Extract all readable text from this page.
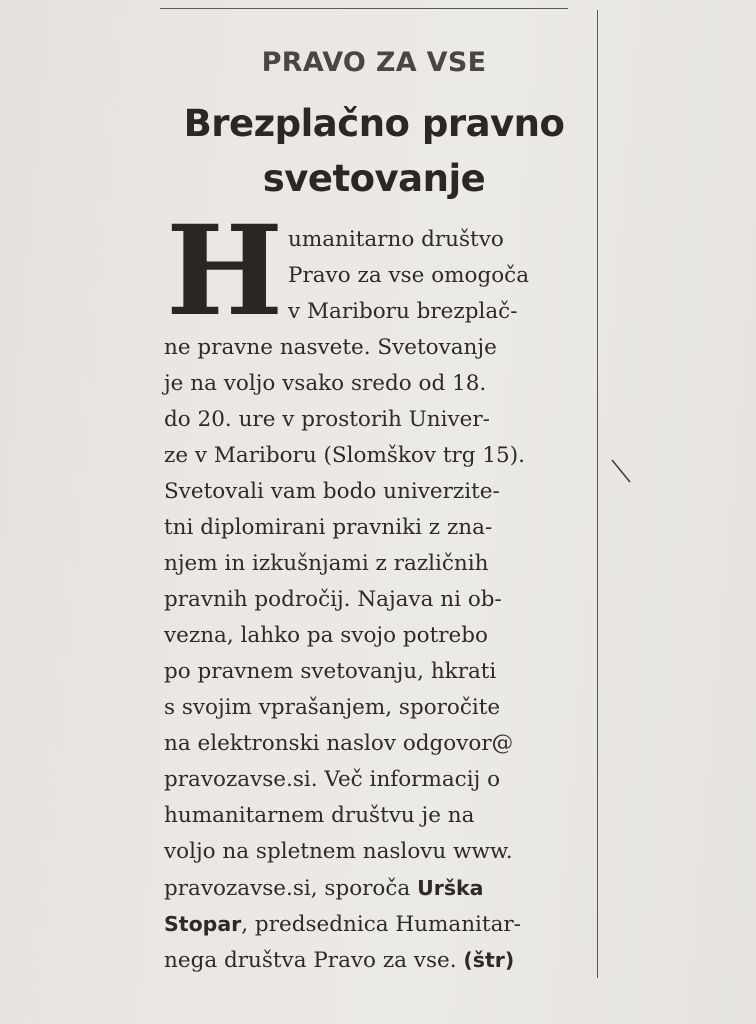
PRAVO ZA VSE
Brezplačno pravno
svetovanje
H umanitarno društvo
Pravo za vse omogoča
v Mariboru brezplač-
ne pravne nasvete. Svetovanje
je na voljo vsako sredo od 18.
do 20. ure v prostorih Univer-
ze v Mariboru (Slomškov trg 15).
Svetovali vam bodo univerzite-
tni diplomirani pravniki z zna-
njem in izkušnjami z različnih
pravnih področij. Najava ni ob-
vezna, lahko pa svojo potrebo
po pravnem svetovanju, hkrati
s svojim vprašanjem, sporočite
na elektronski naslov odgovor@
pravozavse.si. Več informacij o
humanitarnem društvu je na
voljo na spletnem naslovu www.
pravozavse.si, sporoča Urška
Stopar, predsednica Humanitar-
nega društva Pravo za vse. (štr)
